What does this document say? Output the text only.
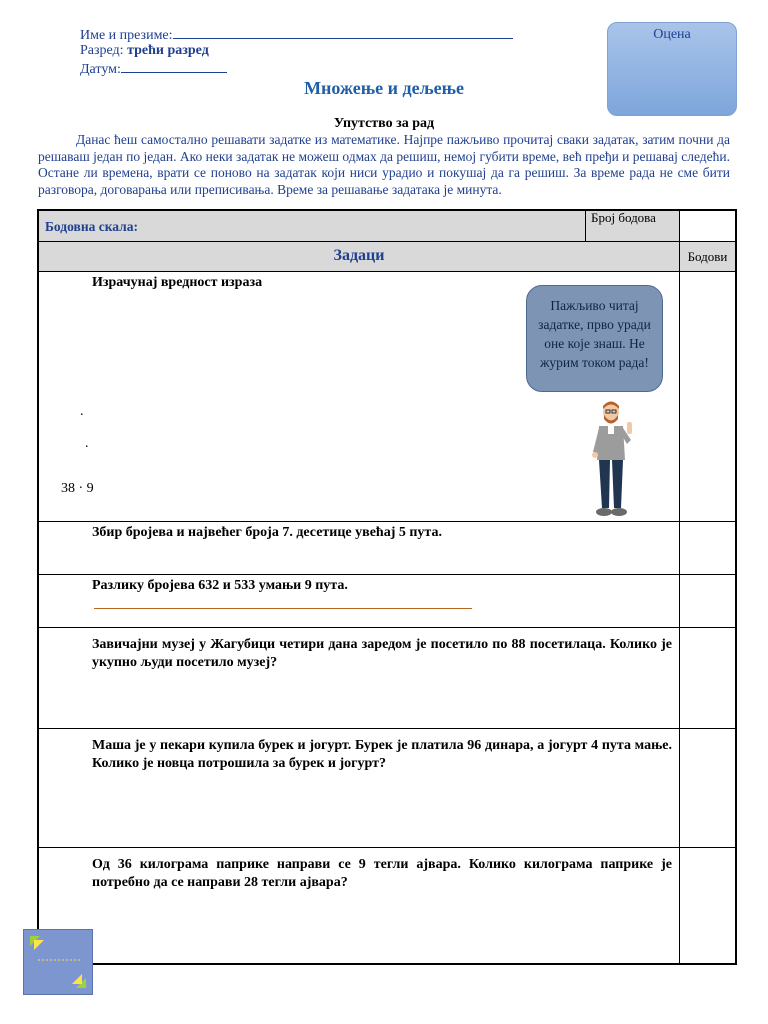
Име и презиме:
Разред: трећи разред
Датум:
Оцена
Множење и дељење
Упутство за рад
Данас ћеш самостално решавати задатке из математике. Најпре пажљиво прочитај сваки задатак, затим почни да решаваш један по један. Ако неки задатак не можеш одмах да решиш, немој губити време, већ пређи и решавај следећи. Остане ли времена, врати се поново на задатак који ниси урадио и покушај да га решиш. За време рада не сме бити разговора, договарања или преписивања. Време за решавање задатака је минута.
Бодовна скала:
Број бодова
Задаци	Бодови
Израчунај вредност израза
.
.
38 · 9
Пажљиво читај задатке, прво уради оне које знаш. Не журим током рада!
Збир бројева и највећег броја 7. десетице увећај 5 пута.
Разлику бројева 632 и 533 умањи 9 пута.
Завичајни музеј у Жагубици четири дана заредом је посетило по 88 посетилаца. Колико је укупно људи посетило музеј?
Маша је у пекари купила бурек и јогурт. Бурек је платила 96 динара, а јогурт 4 пута мање. Колико је новца потрошила за бурек и јогурт?
Од 36 килограма паприке направи се 9 тегли ајвара. Колико килограма паприке је потребно да се направи 28 тегли ајвара?
